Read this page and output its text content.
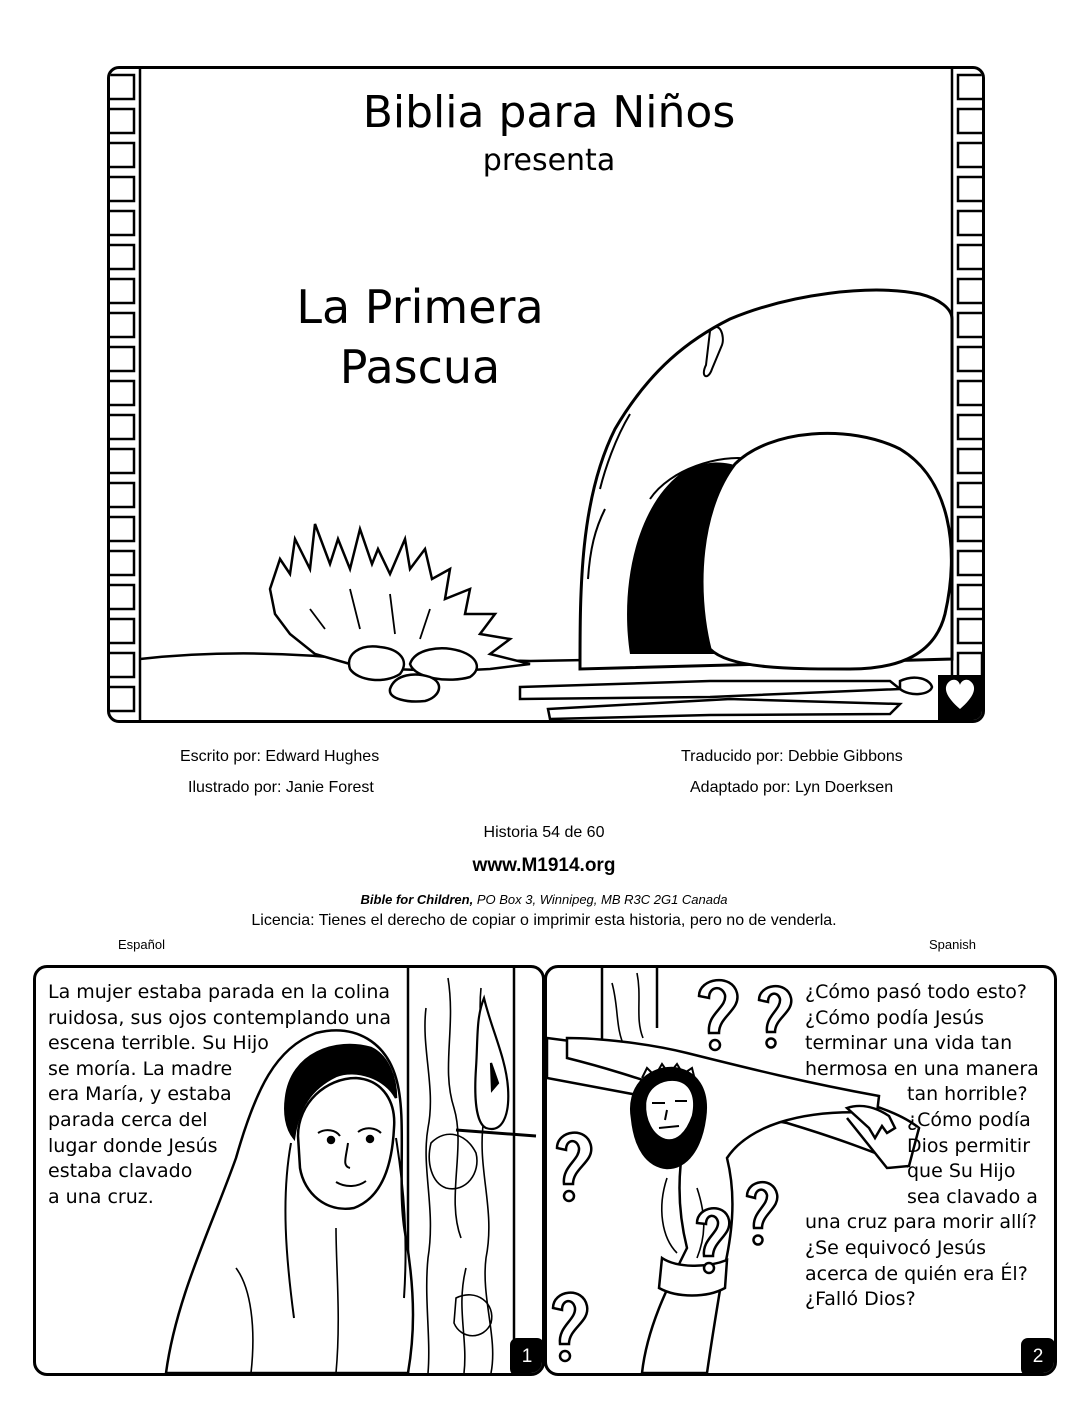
Biblia para Niños
presenta
La Primera
Pascua
Escrito por: Edward Hughes
Ilustrado por: Janie Forest
Traducido por: Debbie Gibbons
Adaptado por: Lyn Doerksen
Historia 54 de 60
www.M1914.org
Bible for Children, PO Box 3, Winnipeg, MB R3C 2G1 Canada
Licencia: Tienes el derecho de copiar o imprimir esta historia, pero no de venderla.
Español	Spanish
La mujer estaba parada en la colina
ruidosa, sus ojos contemplando una
escena terrible. Su Hijo
se moría. La madre
era María, y estaba
parada cerca del
lugar donde Jesús
estaba clavado
a una cruz.
1
¿Cómo pasó todo esto?
¿Cómo podía Jesús
terminar una vida tan
hermosa en una manera
tan horrible?
¿Cómo podía
Dios permitir
que Su Hijo
sea clavado a
una cruz para morir allí?
¿Se equivocó Jesús
acerca de quién era Él?
¿Falló Dios?
2
